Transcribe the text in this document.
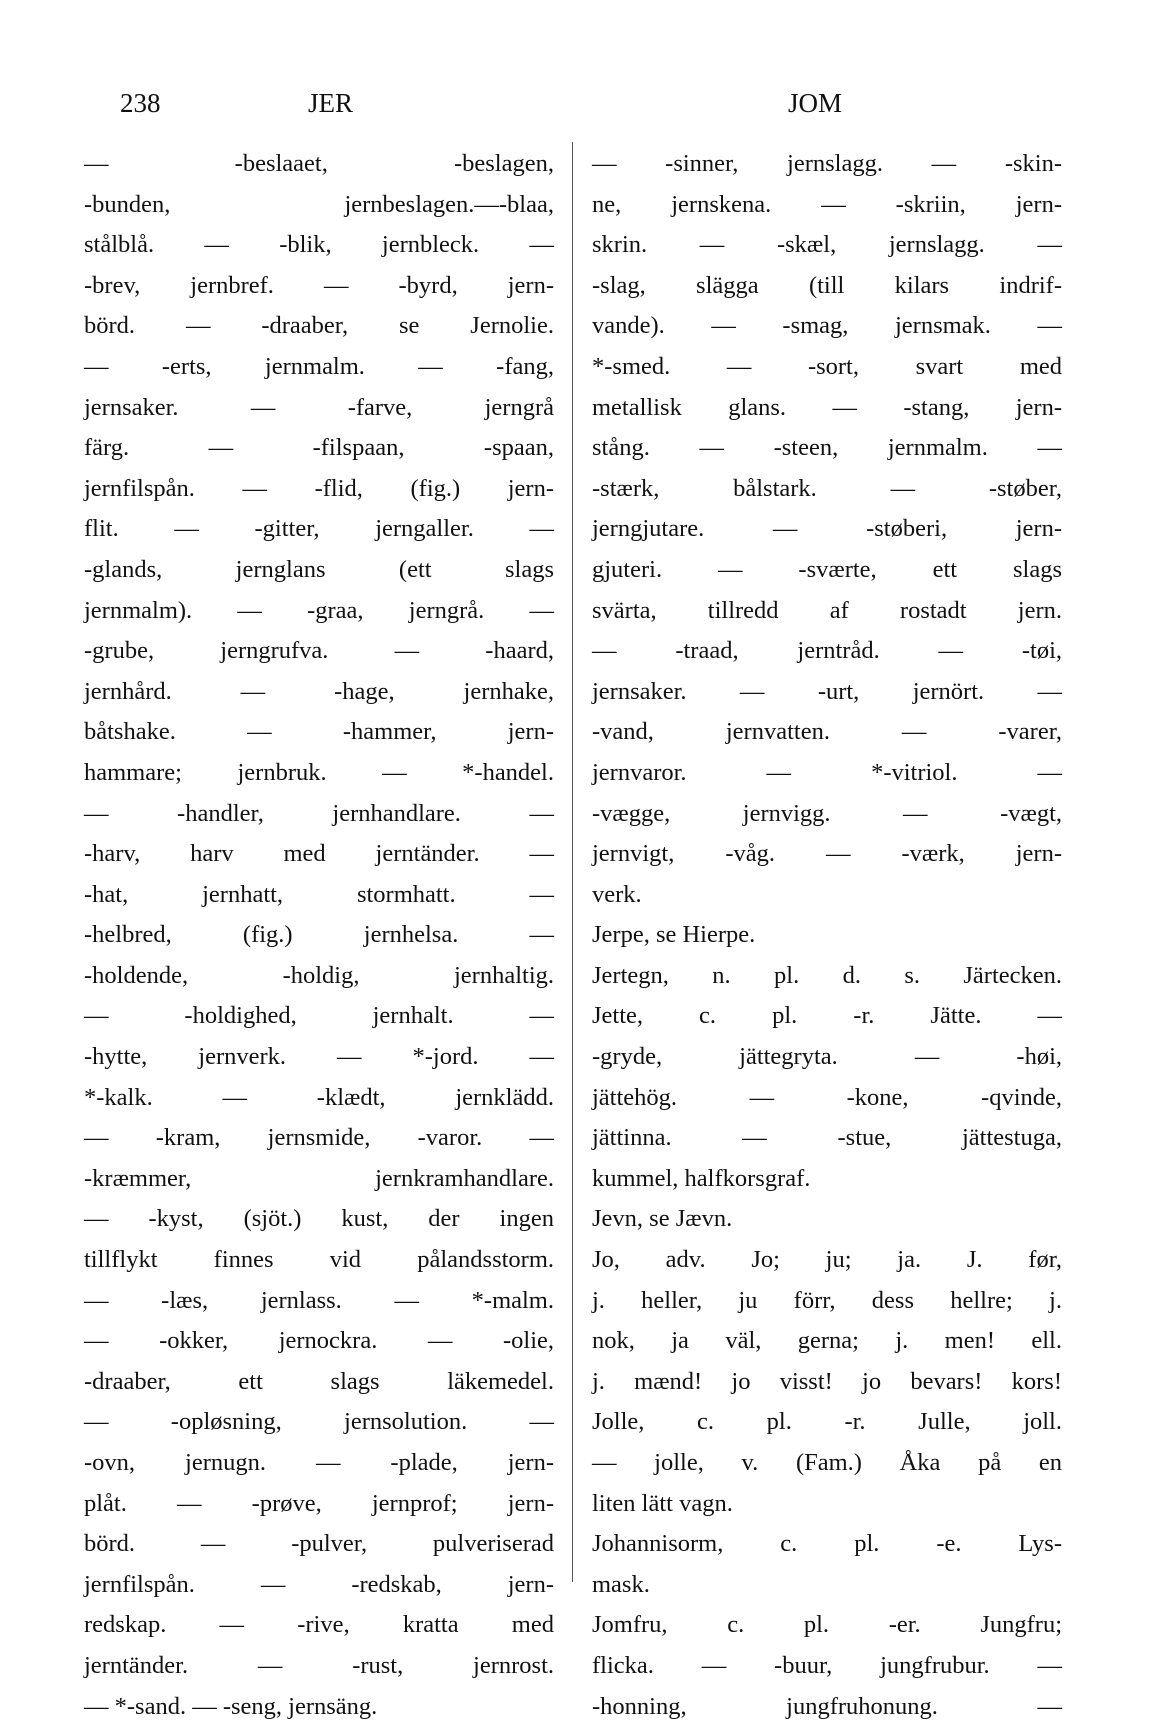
238	JER	JOM
— -beslaaet, -beslagen,
-bunden, jernbeslagen.—-blaa,
stålblå. — -blik, jernbleck. —
-brev, jernbref. — -byrd, jern-
börd. — -draaber, se Jernolie.
— -erts, jernmalm. — -fang,
jernsaker. — -farve, jerngrå
färg. — -filspaan, -spaan,
jernfilspån. — -flid, (fig.) jern-
flit. — -gitter, jerngaller. —
-glands, jernglans (ett slags
jernmalm). — -graa, jerngrå. —
-grube, jerngrufva. — -haard,
jernhård. — -hage, jernhake,
båtshake. — -hammer, jern-
hammare; jernbruk. — *-handel.
— -handler, jernhandlare. —
-harv, harv med jerntänder. —
-hat, jernhatt, stormhatt. —
-helbred, (fig.) jernhelsa. —
-holdende, -holdig, jernhaltig.
— -holdighed, jernhalt. —
-hytte, jernverk. — *-jord. —
*-kalk. — -klædt, jernklädd.
— -kram, jernsmide, -varor. —
-kræmmer, jernkramhandlare.
— -kyst, (sjöt.) kust, der ingen
tillflykt finnes vid pålandsstorm.
— -læs, jernlass. — *-malm.
— -okker, jernockra. — -olie,
-draaber, ett slags läkemedel.
— -opløsning, jernsolution. —
-ovn, jernugn. — -plade, jern-
plåt. — -prøve, jernprof; jern-
börd. — -pulver, pulveriserad
jernfilspån. — -redskab, jern-
redskap. — -rive, kratta med
jerntänder. — -rust, jernrost.
— *-sand. — -seng, jernsäng.
— -sinner, jernslagg. — -skin-
ne, jernskena. — -skriin, jern-
skrin. — -skæl, jernslagg. —
-slag, slägga (till kilars indrif-
vande). — -smag, jernsmak. —
*-smed. — -sort, svart med
metallisk glans. — -stang, jern-
stång. — -steen, jernmalm. —
-stærk, bålstark. — -støber,
jerngjutare. — -støberi, jern-
gjuteri. — -sværte, ett slags
svärta, tillredd af rostadt jern.
— -traad, jerntråd. — -tøi,
jernsaker. — -urt, jernört. —
-vand, jernvatten. — -varer,
jernvaror. — *-vitriol. —
-vægge, jernvigg. — -vægt,
jernvigt, -våg. — -værk, jern-
verk.
Jerpe, se Hierpe.
Jertegn, n. pl. d. s. Järtecken.
Jette, c. pl. -r. Jätte. —
-gryde, jättegryta. — -høi,
jättehög. — -kone, -qvinde,
jättinna. — -stue, jättestuga,
kummel, halfkorsgraf.
Jevn, se Jævn.
Jo, adv. Jo; ju; ja. J. før,
j. heller, ju förr, dess hellre; j.
nok, ja väl, gerna; j. men! ell.
j. mænd! jo visst! jo bevars! kors!
Jolle, c. pl. -r. Julle, joll.
— jolle, v. (Fam.) Åka på en
liten lätt vagn.
Johannisorm, c. pl. -e. Lys-
mask.
Jomfru, c. pl. -er. Jungfru;
flicka. — -buur, jungfrubur. —
-honning, jungfruhonung. —
